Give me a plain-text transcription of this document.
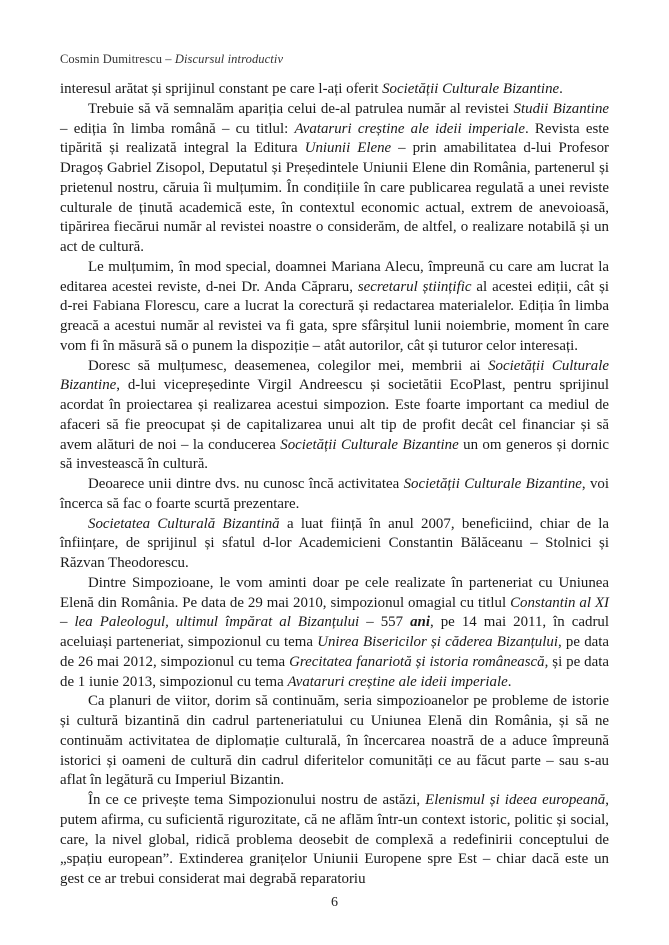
Cosmin Dumitrescu – Discursul introductiv

interesul arătat și sprijinul constant pe care l-ați oferit Societății Culturale Bizantine.

Trebuie să vă semnalăm apariția celui de-al patrulea număr al revistei Studii Bizantine – ediția în limba română – cu titlul: Avataruri creștine ale ideii imperiale. Revista este tipărită și realizată integral la Editura Uniunii Elene – prin amabilitatea d-lui Profesor Dragoș Gabriel Zisopol, Deputatul și Președintele Uniunii Elene din România, partenerul și prietenul nostru, căruia îi mulțumim. În condițiile în care publicarea regulată a unei reviste culturale de ținută academică este, în contextul economic actual, extrem de anevoioasă, tipărirea fiecărui număr al revistei noastre o considerăm, de altfel, o realizare notabilă și un act de cultură.

Le mulțumim, în mod special, doamnei Mariana Alecu, împreună cu care am lucrat la editarea acestei reviste, d-nei Dr. Anda Căpraru, secretarul științific al acestei ediții, cât și d-rei Fabiana Florescu, care a lucrat la corectură și redactarea materialelor. Ediția în limba greacă a acestui număr al revistei va fi gata, spre sfârșitul lunii noiembrie, moment în care vom fi în măsură să o punem la dispoziție – atât autorilor, cât și tuturor celor interesați.

Doresc să mulțumesc, deasemenea, colegilor mei, membrii ai Societății Culturale Bizantine, d-lui vicepreședinte Virgil Andreescu și societătii EcoPlast, pentru sprijinul acordat în proiectarea și realizarea acestui simpozion. Este foarte important ca mediul de afaceri să fie preocupat și de capitalizarea unui alt tip de profit decât cel financiar și să avem alături de noi – la conducerea Societății Culturale Bizantine un om generos și dornic să investească în cultură.

Deoarece unii dintre dvs. nu cunosc încă activitatea Societății Culturale Bizantine, voi încerca să fac o foarte scurtă prezentare.

Societatea Culturală Bizantină a luat ființă în anul 2007, beneficiind, chiar de la înființare, de sprijinul și sfatul d-lor Academicieni Constantin Bălăceanu – Stolnici și Răzvan Theodorescu.

Dintre Simpozioane, le vom aminti doar pe cele realizate în parteneriat cu Uniunea Elenă din România. Pe data de 29 mai 2010, simpozionul omagial cu titlul Constantin al XI – lea Paleologul, ultimul împărat al Bizanțului – 557 ani, pe 14 mai 2011, în cadrul aceluiași parteneriat, simpozionul cu tema Unirea Bisericilor și căderea Bizanțului, pe data de 26 mai 2012, simpozionul cu tema Grecitatea fanariotă și istoria românească, și pe data de 1 iunie 2013, simpozionul cu tema Avataruri creștine ale ideii imperiale.

Ca planuri de viitor, dorim să continuăm, seria simpozioanelor pe probleme de istorie și cultură bizantină din cadrul parteneriatului cu Uniunea Elenă din România, și să ne continuăm activitatea de diplomație culturală, în încercarea noastră de a aduce împreună istorici și oameni de cultură din cadrul diferitelor comunități ce au făcut parte – sau s-au aflat în legătură cu Imperiul Bizantin.

În ce ce privește tema Simpozionului nostru de astăzi, Elenismul și ideea europeană, putem afirma, cu suficientă rigurozitate, că ne aflăm într-un context istoric, politic și social, care, la nivel global, ridică problema deosebit de complexă a redefinirii conceptului de „spațiu european”. Extinderea granițelor Uniunii Europene spre Est – chiar dacă este un gest ce ar trebui considerat mai degrabă reparatoriu

6
